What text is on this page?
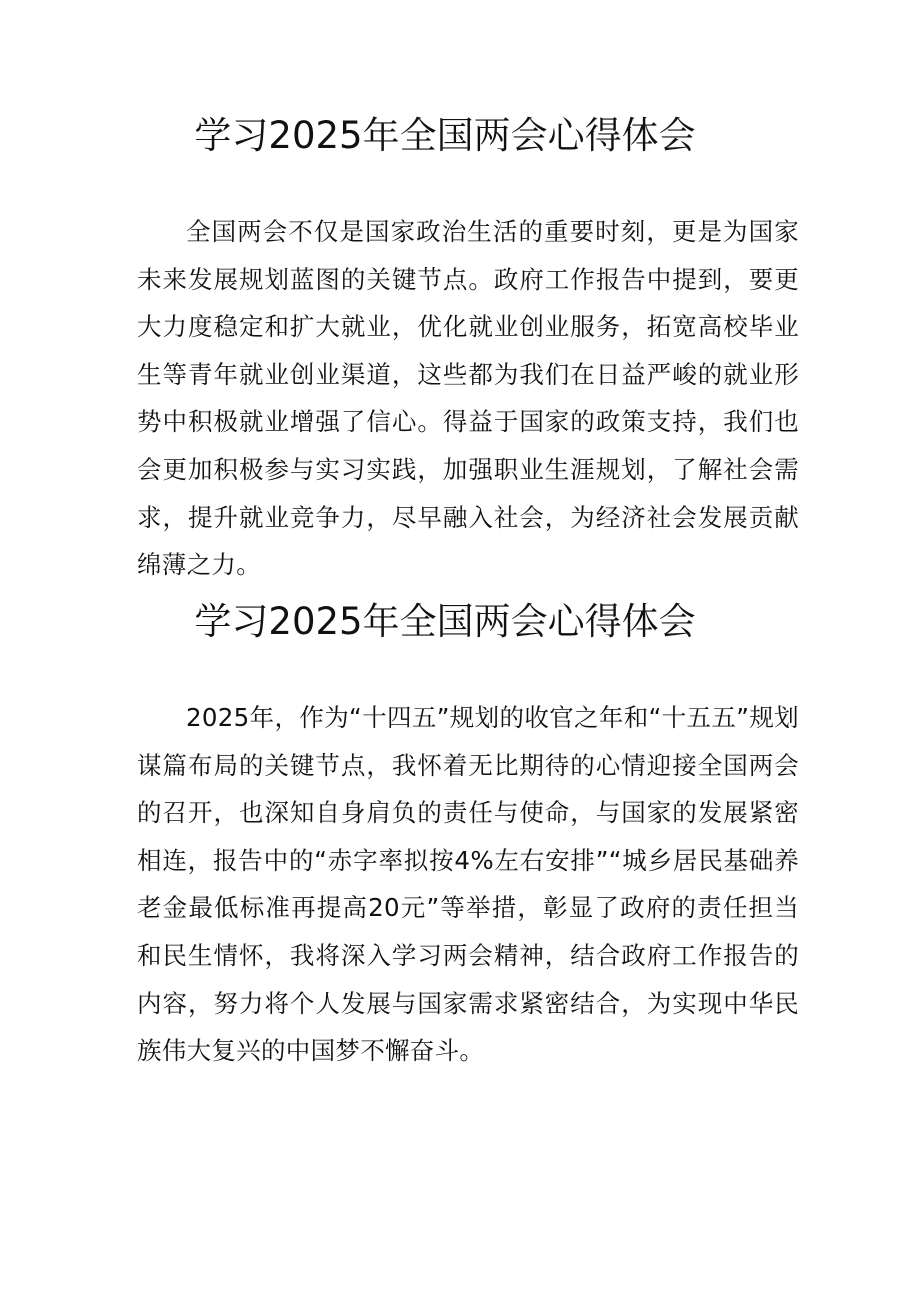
学习2025年全国两会心得体会

全国两会不仅是国家政治生活的重要时刻，更是为国家未来发展规划蓝图的关键节点。政府工作报告中提到，要更大力度稳定和扩大就业，优化就业创业服务，拓宽高校毕业生等青年就业创业渠道，这些都为我们在日益严峻的就业形势中积极就业增强了信心。得益于国家的政策支持，我们也会更加积极参与实习实践，加强职业生涯规划，了解社会需求，提升就业竞争力，尽早融入社会，为经济社会发展贡献绵薄之力。

学习2025年全国两会心得体会

2025年，作为“十四五”规划的收官之年和“十五五”规划谋篇布局的关键节点，我怀着无比期待的心情迎接全国两会的召开，也深知自身肩负的责任与使命，与国家的发展紧密相连，报告中的“赤字率拟按4%左右安排”“城乡居民基础养老金最低标准再提高20元”等举措，彰显了政府的责任担当和民生情怀，我将深入学习两会精神，结合政府工作报告的内容，努力将个人发展与国家需求紧密结合，为实现中华民族伟大复兴的中国梦不懈奋斗。
